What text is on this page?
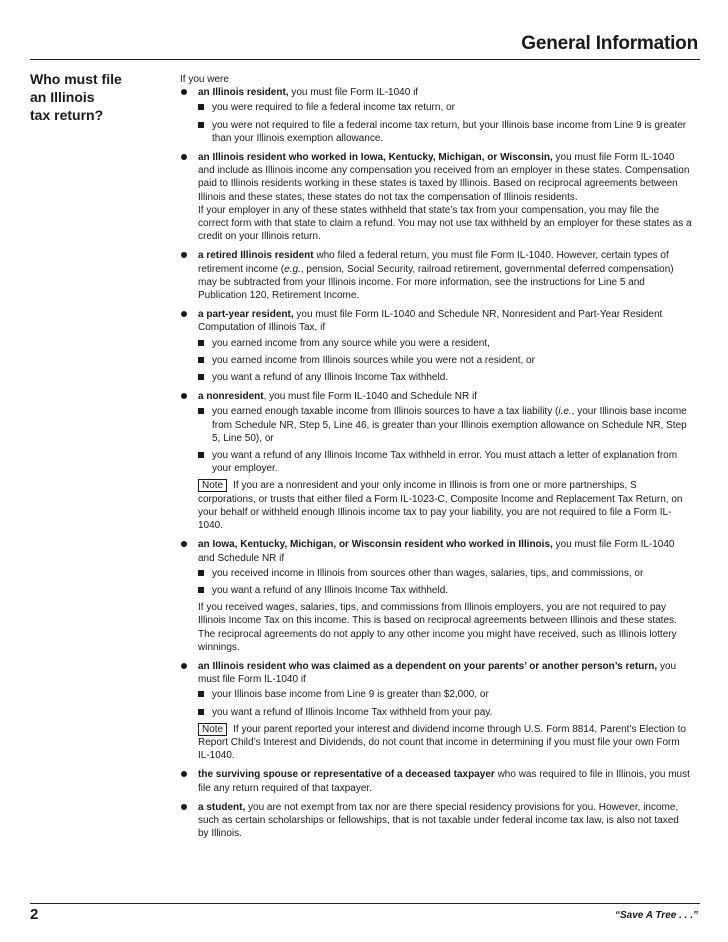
General Information
Who must file
an Illinois
tax return?

If you were

an Illinois resident, you must file Form IL-1040 if

you were required to file a federal income tax return, or
you were not required to file a federal income tax return, but your Illinois base income from Line 9 is greater than your Illinois exemption allowance.

an Illinois resident who worked in Iowa, Kentucky, Michigan, or Wisconsin, you must file Form IL-1040 and include as Illinois income any compensation you received from an employer in these states. Compensation paid to Illinois residents working in these states is taxed by Illinois. Based on reciprocal agreements between Illinois and these states, these states do not tax the compensation of Illinois residents.

If your employer in any of these states withheld that state’s tax from your compensation, you may file the correct form with that state to claim a refund. You may not use tax withheld by an employer for these states as a credit on your Illinois return.

a retired Illinois resident who filed a federal return, you must file Form IL-1040. However, certain types of retirement income (e.g., pension, Social Security, railroad retirement, governmental deferred compensation) may be subtracted from your Illinois income. For more information, see the instructions for Line 5 and Publication 120, Retirement Income.

a part-year resident, you must file Form IL-1040 and Schedule NR, Nonresident and Part-Year Resident Computation of Illinois Tax, if

you earned income from any source while you were a resident,
you earned income from Illinois sources while you were not a resident, or
you want a refund of any Illinois Income Tax withheld.

a nonresident, you must file Form IL-1040 and Schedule NR if

you earned enough taxable income from Illinois sources to have a tax liability (i.e., your Illinois base income from Schedule NR, Step 5, Line 46, is greater than your Illinois exemption allowance on Schedule NR, Step 5, Line 50), or
you want a refund of any Illinois Income Tax withheld in error. You must attach a letter of explanation from your employer.

Note If you are a nonresident and your only income in Illinois is from one or more partnerships, S corporations, or trusts that either filed a Form IL-1023-C, Composite Income and Replacement Tax Return, on your behalf or withheld enough Illinois income tax to pay your liability, you are not required to file a Form IL-1040.

an Iowa, Kentucky, Michigan, or Wisconsin resident who worked in Illinois, you must file Form IL-1040 and Schedule NR if

you received income in Illinois from sources other than wages, salaries, tips, and commissions, or
you want a refund of any Illinois Income Tax withheld.

If you received wages, salaries, tips, and commissions from Illinois employers, you are not required to pay Illinois Income Tax on this income. This is based on reciprocal agreements between Illinois and these states.

The reciprocal agreements do not apply to any other income you might have received, such as Illinois lottery winnings.

an Illinois resident who was claimed as a dependent on your parents’ or another person’s return, you must file Form IL-1040 if

your Illinois base income from Line 9 is greater than $2,000, or
you want a refund of Illinois Income Tax withheld from your pay.

Note If your parent reported your interest and dividend income through U.S. Form 8814, Parent’s Election to Report Child’s Interest and Dividends, do not count that income in determining if you must file your own Form IL-1040.

the surviving spouse or representative of a deceased taxpayer who was required to file in Illinois, you must file any return required of that taxpayer.

a student, you are not exempt from tax nor are there special residency provisions for you. However, income, such as certain scholarships or fellowships, that is not taxable under federal income tax law, is also not taxed by Illinois.

2	“Save A Tree . . .”
